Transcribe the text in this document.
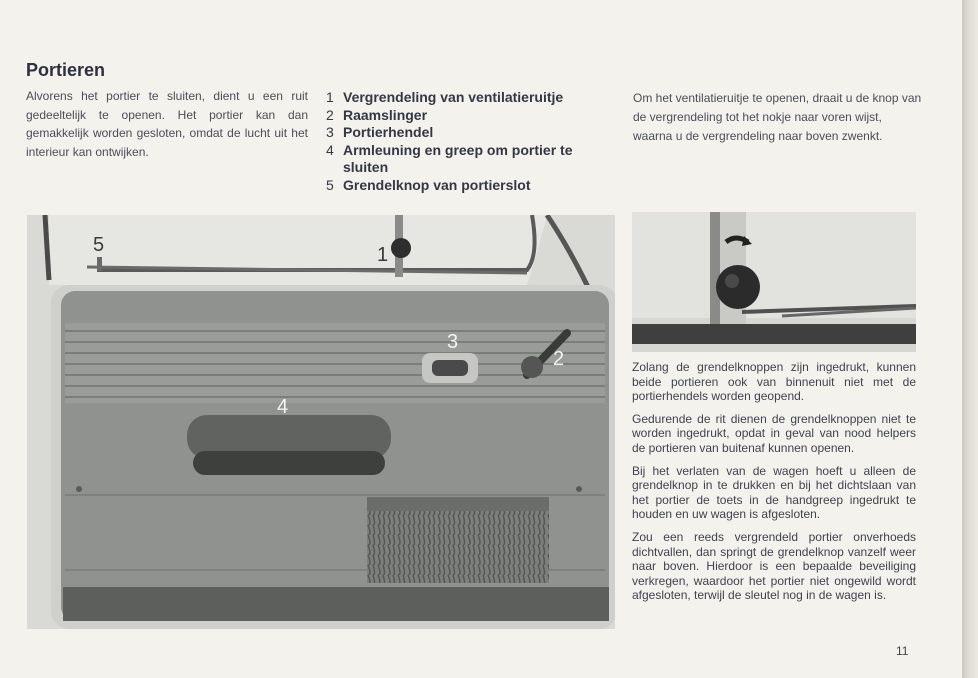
Portieren
Alvorens het portier te sluiten, dient u een ruit gedeeltelijk te openen. Het portier kan dan gemakkelijk worden gesloten, omdat de lucht uit het interieur kan ontwijken.
1 Vergrendeling van ventilatieruitje
2 Raamslinger
3 Portierhendel
4 Armleuning en greep om portier te sluiten
5 Grendelknop van portierslot
Om het ventilatieruitje te openen, draait u de knop van de vergrendeling tot het nokje naar voren wijst, waarna u de vergrendeling naar boven zwenkt.
5	1
3
2
4

Zolang de grendelknoppen zijn ingedrukt, kunnen beide portieren ook van binnenuit niet met de portierhendels worden geopend.

Gedurende de rit dienen de grendelknoppen niet te worden ingedrukt, opdat in geval van nood helpers de portieren van buitenaf kunnen openen.

Bij het verlaten van de wagen hoeft u alleen de grendelknop in te drukken en bij het dichtslaan van het portier de toets in de handgreep ingedrukt te houden en uw wagen is afgesloten.

Zou een reeds vergrendeld portier onverhoeds dichtvallen, dan springt de grendelknop vanzelf weer naar boven. Hierdoor is een bepaalde beveiliging verkregen, waardoor het portier niet ongewild wordt afgesloten, terwijl de sleutel nog in de wagen is.

11
